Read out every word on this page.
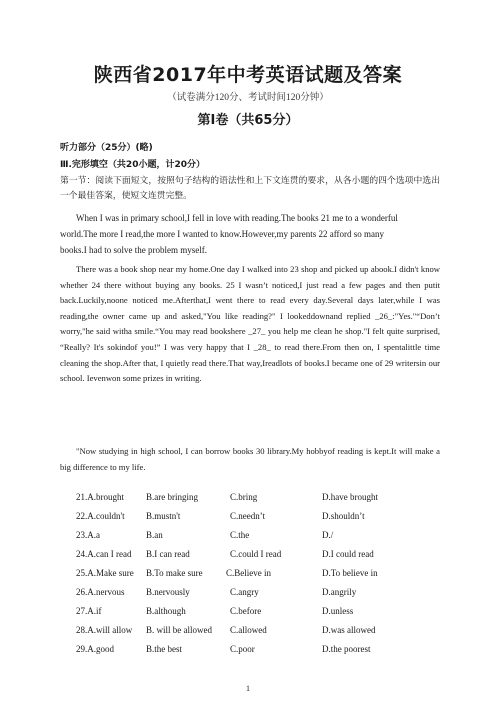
陕西省2017年中考英语试题及答案
（试卷满分120分、考试时间120分钟）
第Ⅰ卷（共65分）
听力部分（25分）(略)
Ⅲ.完形填空（共20小题，计20分）
第一节：阅读下面短文，按照句子结构的语法性和上下文连贯的要求，从各小题的四个选项中选出一个最佳答案，使短文连贯完整。
When I was in primary school,I fell in love with reading.The books 21 me to a wonderful
world.The more I read,the more I wanted to know.However,my parents 22 afford so many
books.I had to solve the problem myself.
There was a book shop near my home.One day I walked into 23 shop and picked up abook.I didn't know whether 24 there without buying any books. 25 I wasn’t noticed,I just read a few pages and then putit back.Luckily,noone noticed me.Afterthat,I went there to read every day.Several days later,while I was reading,the owner came up and asked,"You like reading?" I lookeddownand replied _26_:"Yes."“Don’t worry,"he said witha smile.“You may read bookshere _27_ you help me clean he shop."I felt quite surprised, “Really? It's sokindof you!” I was very happy that I _28_ to read there.From then on, I spentalittle time cleaning the shop.After that, I quietly read there.That way,Ireadlots of books.I became one of 29 writersin our school. Ievenwon some prizes in writing.
"Now studying in high school, I can borrow books 30 library.My hobbyof reading is kept.It will make a big difference to my life.
21.A.brought B.are bringing	C.bring	D.have brought
22.A.couldn't B.mustn't	C.needn’t	D.shouldn’t
23.A.a	B.an	C.the	D./
24.A.can I read B.I can read	C.could I read	D.I could read
25.A.Make sure B.To make sure	C.Believe in	D.To believe in
26.A.nervous B.nervously	C.angry	D.angrily
27.A.if	B.although	C.before	D.unless
28.A.will allow B. will be allowed C.allowed	D.was allowed
29.A.good	B.the best	C.poor	D.the poorest
1
